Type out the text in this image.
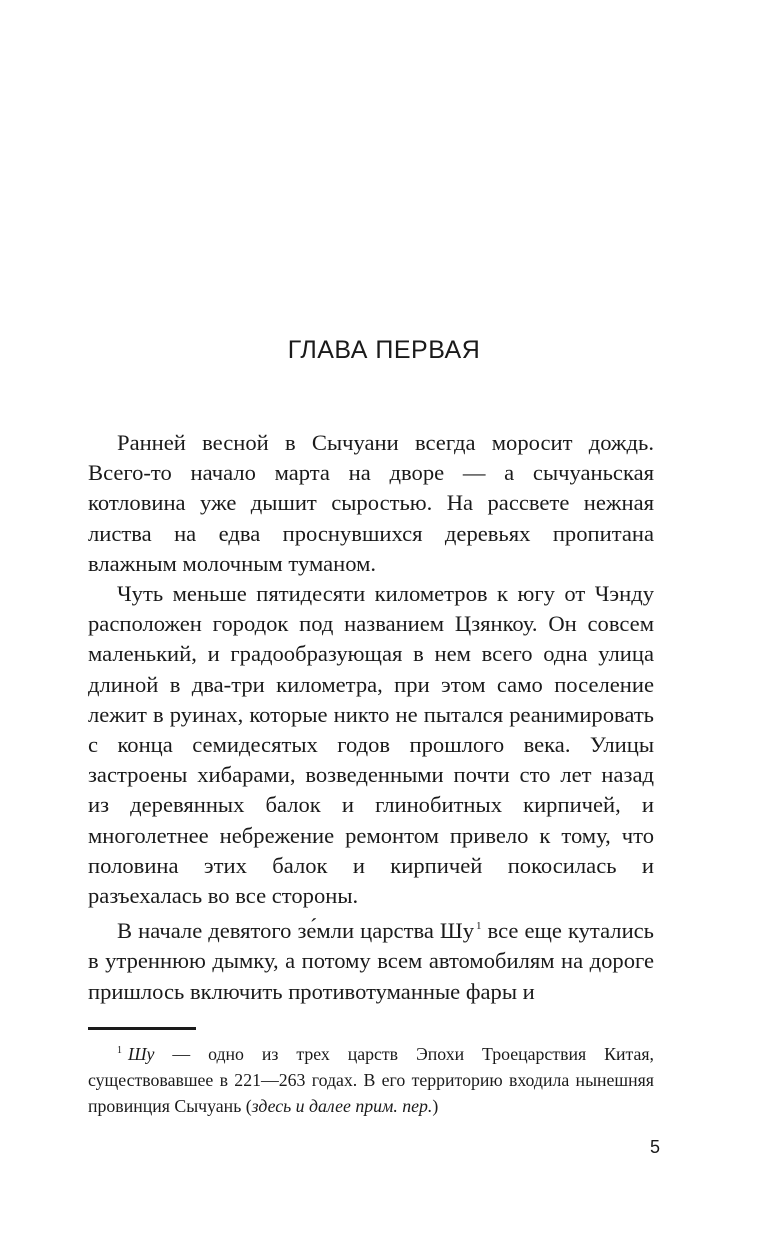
ГЛАВА ПЕРВАЯ

Ранней весной в Сычуани всегда моросит дождь. Всего-то начало марта на дворе — а сычуаньская котловина уже дышит сыростью. На рассвете нежная листва на едва проснувшихся деревьях пропитана влажным молочным туманом.

Чуть меньше пятидесяти километров к югу от Чэнду расположен городок под названием Цзянкоу. Он совсем маленький, и градообразующая в нем всего одна улица длиной в два-три километра, при этом само поселение лежит в руинах, которые никто не пытался реанимировать с конца семидесятых годов прошлого века. Улицы застроены хибарами, возведенными почти сто лет назад из деревянных балок и глинобитных кирпичей, и многолетнее небрежение ремонтом привело к тому, что половина этих балок и кирпичей покосилась и разъехалась во все стороны.

В начале девятого зе́мли царства Шу $^1$ все еще кутались в утреннюю дымку, а потому всем автомобилям на дороге пришлось включить противотуманные фары и

$^1$ Шу — одно из трех царств Эпохи Троецарствия Китая, существовавшее в 221—263 годах. В его территорию входила нынешняя провинция Сычуань (здесь и далее прим. пер.)

5
